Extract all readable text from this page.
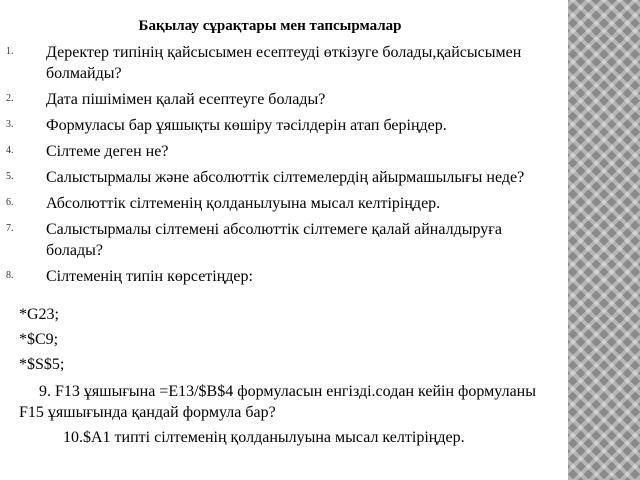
Бақылау сұрақтары мен тапсырмалар
1. Деректер типінің қайсысымен есептеуді өткізуге болады,қайсысымен болмайды?
2. Дата пішімімен қалай есептеуге болады?
3. Формуласы бар ұяшықты көшіру тәсілдерін атап беріңдер.
4. Сілтеме деген не?
5. Салыстырмалы және абсолюттік сілтемелердің айырмашылығы неде?
6. Абсолюттік сілтеменің қолданылуына мысал келтіріңдер.
7. Салыстырмалы сілтемені абсолюттік сілтемеге қалай айналдыруға болады?
8. Сілтеменің типін көрсетіңдер:
*G23;
*$C9;
*$S$5;
9. F13 ұяшығына =E13/$B$4 формуласын енгізді.содан кейін формуланы F15 ұяшығында қандай формула бар?
10.$A1 типті сілтеменің қолданылуына мысал келтіріңдер.
